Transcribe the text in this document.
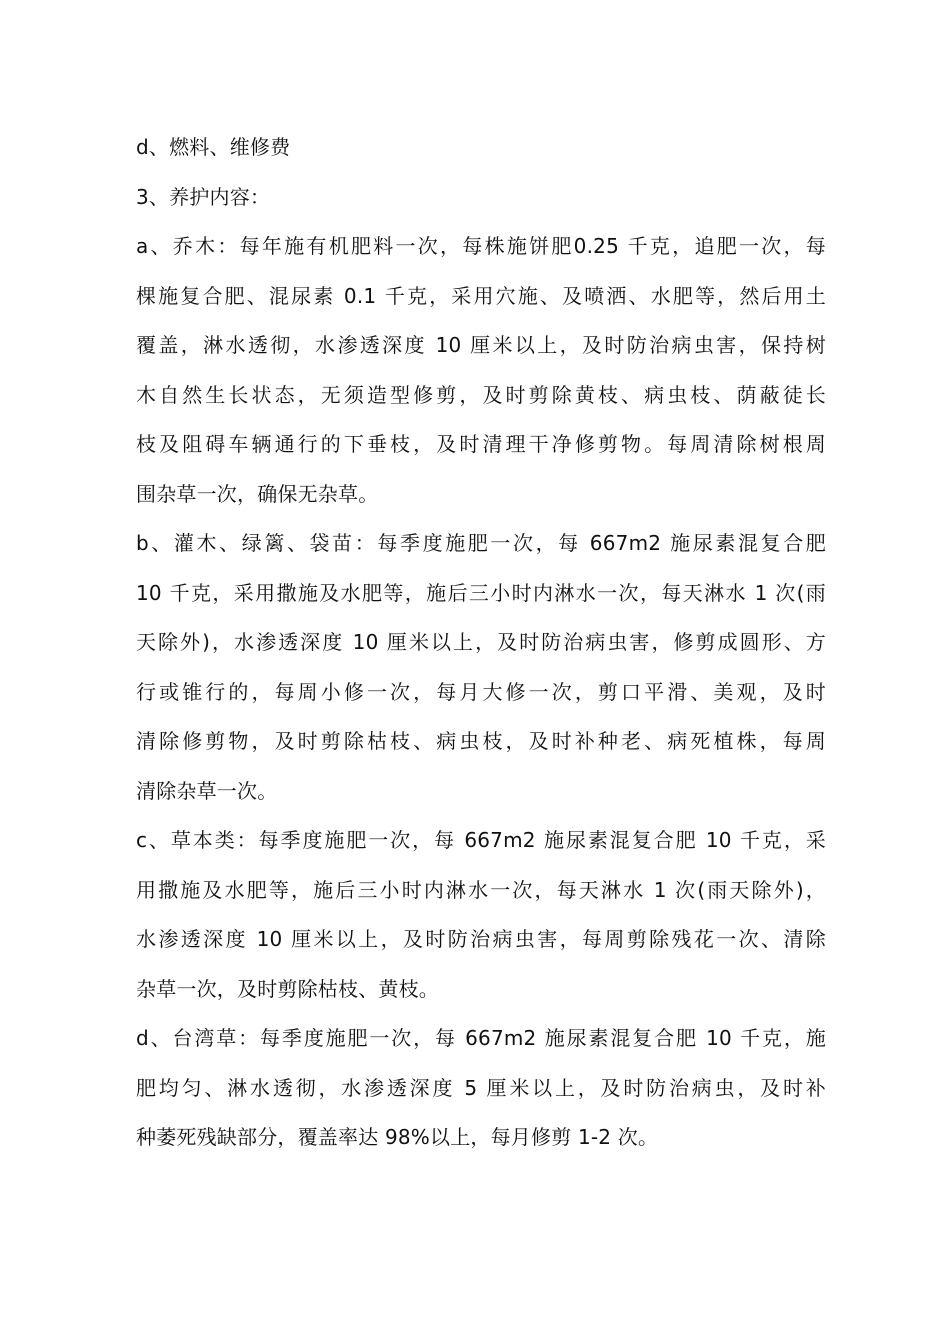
d、燃料、维修费
3、养护内容：
a、乔木：每年施有机肥料一次，每株施饼肥0.25 千克，追肥一次，每
棵施复合肥、混尿素 0.1 千克，采用穴施、及喷洒、水肥等，然后用土
覆盖，淋水透彻，水渗透深度 10 厘米以上，及时防治病虫害，保持树
木自然生长状态，无须造型修剪，及时剪除黄枝、病虫枝、荫蔽徒长
枝及阻碍车辆通行的下垂枝，及时清理干净修剪物。每周清除树根周
围杂草一次，确保无杂草。
b、灌木、绿篱、袋苗：每季度施肥一次，每 667m2 施尿素混复合肥
10 千克，采用撒施及水肥等，施后三小时内淋水一次，每天淋水 1 次(雨
天除外)，水渗透深度 10 厘米以上，及时防治病虫害，修剪成圆形、方
行或锥行的，每周小修一次，每月大修一次，剪口平滑、美观，及时
清除修剪物，及时剪除枯枝、病虫枝，及时补种老、病死植株，每周
清除杂草一次。
c、草本类：每季度施肥一次，每 667m2 施尿素混复合肥 10 千克，采
用撒施及水肥等，施后三小时内淋水一次，每天淋水 1 次(雨天除外)，
水渗透深度 10 厘米以上，及时防治病虫害，每周剪除残花一次、清除
杂草一次，及时剪除枯枝、黄枝。
d、台湾草：每季度施肥一次，每 667m2 施尿素混复合肥 10 千克，施
肥均匀、淋水透彻，水渗透深度 5 厘米以上，及时防治病虫，及时补
种萎死残缺部分，覆盖率达 98%以上，每月修剪 1-2 次。
